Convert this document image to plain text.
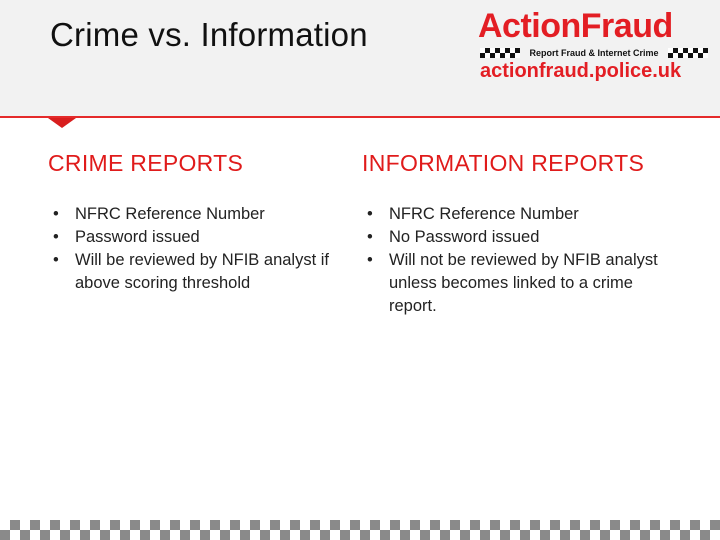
Crime vs. Information	ActionFraud
Report Fraud & Internet Crime
actionfraud.police.uk
CRIME REPORTS
• NFRC Reference Number
• Password issued
• Will be reviewed by NFIB analyst if above scoring threshold
INFORMATION REPORTS
• NFRC Reference Number
• No Password issued
• Will not be reviewed by NFIB analyst unless becomes linked to a crime report.
